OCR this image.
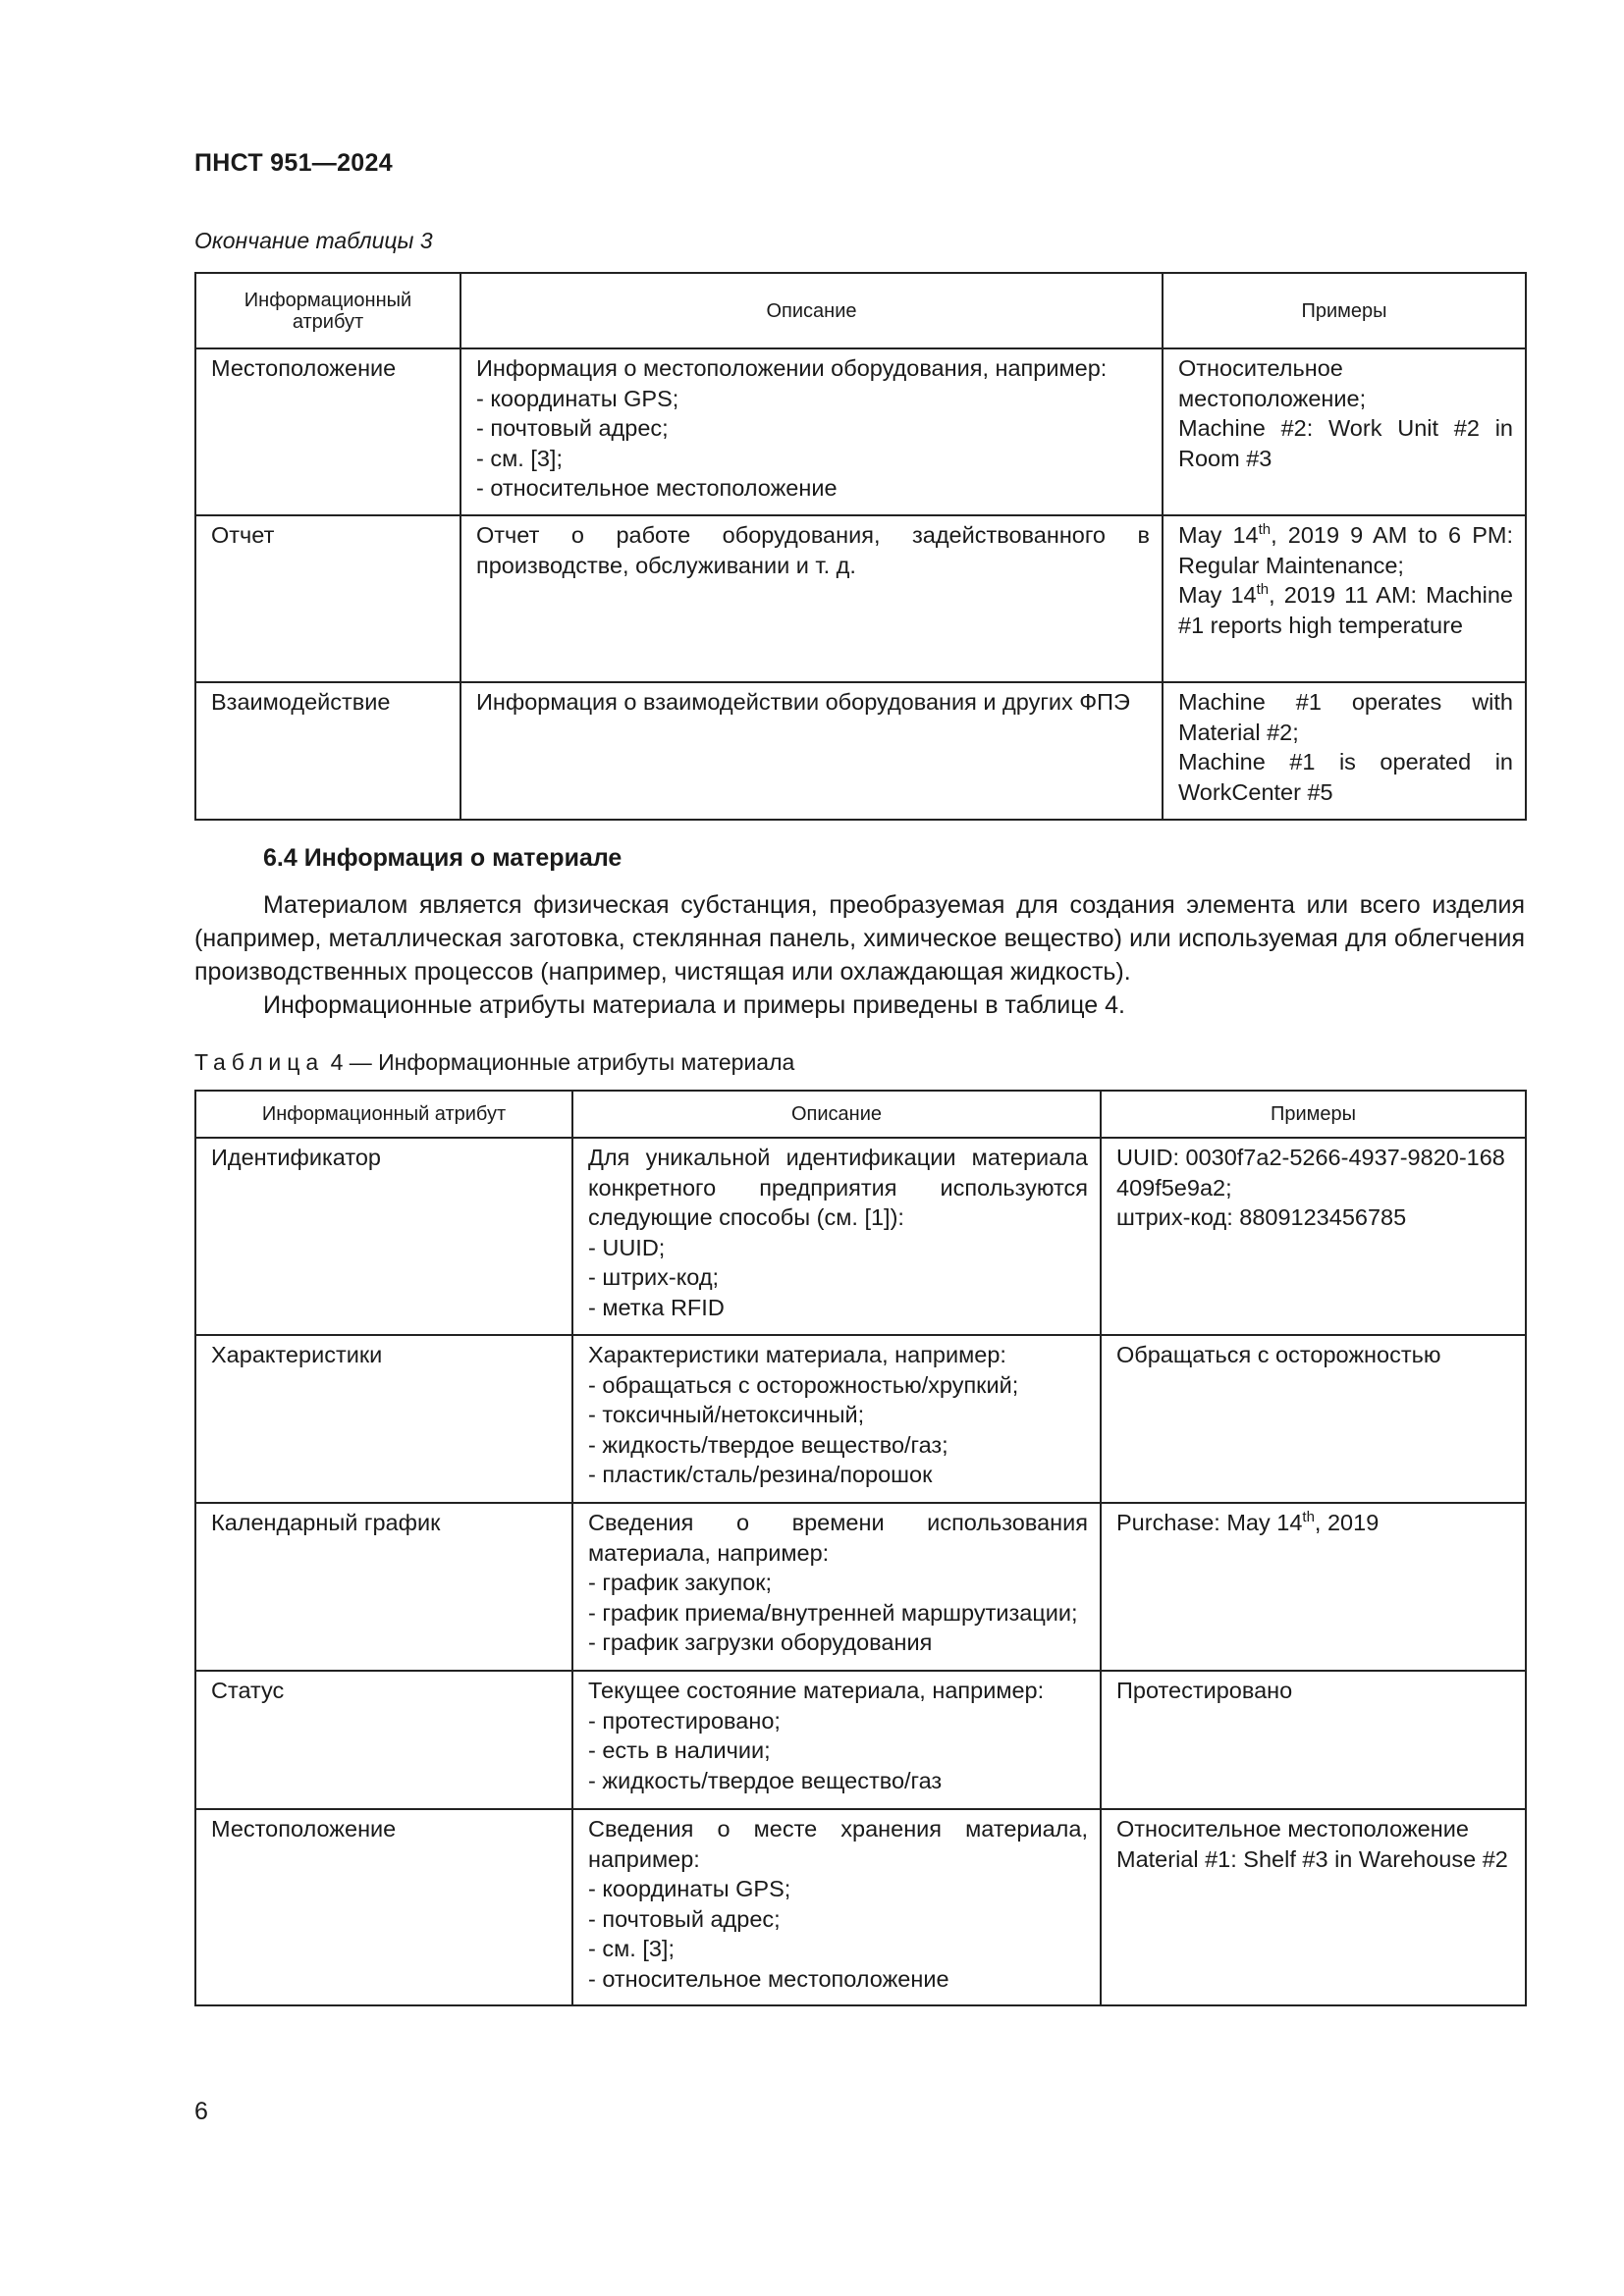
ПНСТ 951—2024
Окончание таблицы 3
Информационный атрибут	Описание	Примеры
Местоположение	Информация о местоположении оборудования, например:
- координаты GPS;
- почтовый адрес;
- см. [3];
- относительное местоположение	Относительное местоположение;
Machine #2: Work Unit #2 in Room #3

Отчет	Отчет о работе оборудования, задействованного в производстве, обслуживании и т. д.	May 14th, 2019 9 AM to 6 PM: Regular Maintenance;
May 14th, 2019 11 AM: Machine #1 reports high temperature

Взаимодействие	Информация о взаимодействии оборудования и других ФПЭ	Machine #1 operates with Material #2;
Machine #1 is operated in WorkCenter #5
6.4 Информация о материале

Материалом является физическая субстанция, преобразуемая для создания элемента или всего изделия (например, металлическая заготовка, стеклянная панель, химическое вещество) или используемая для облегчения производственных процессов (например, чистящая или охлаждающая жидкость).

Информационные атрибуты материала и примеры приведены в таблице 4.

Таблица 4 — Информационные атрибуты материала
Информационный атрибут	Описание	Примеры
Идентификатор	Для уникальной идентификации материала конкретного предприятия используются следующие способы (см. [1]):
- UUID;
- штрих-код;
- метка RFID	UUID: 0030f7a2-5266-4937-9820-168409f5e9a2;
штрих-код: 8809123456785

Характеристики	Характеристики материала, например:
- обращаться с осторожностью/хрупкий;
- токсичный/нетоксичный;
- жидкость/твердое вещество/газ;
- пластик/сталь/резина/порошок	Обращаться с осторожностью
Календарный график	Сведения о времени использования материала, например:
- график закупок;
- график приема/внутренней маршрутизации;
- график загрузки оборудования	Purchase: May 14th, 2019

Статус	Текущее состояние материала, например:
- протестировано;
- есть в наличии;
- жидкость/твердое вещество/газ	Протестировано
Местоположение	Сведения о месте хранения материала, например:
- координаты GPS;
- почтовый адрес;
- см. [3];
- относительное местоположение	Относительное местоположение
Material #1: Shelf #3 in Warehouse #2
6
